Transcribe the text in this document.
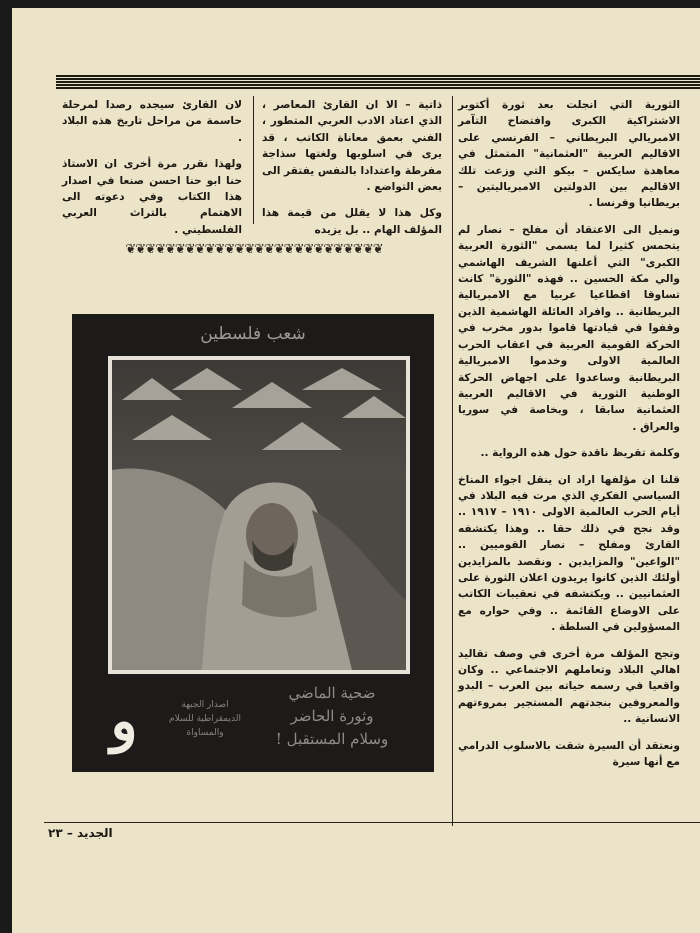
الثورية التي انجلت بعد ثورة أكتوبر الاشتراكية الكبرى وافتضاح التآمر الامبريالي البريطاني – الفرنسي على الاقاليم العربية "العثمانية" المتمثل في معاهدة سايكس – بيكو التي وزعت تلك الاقاليم بين الدولتين الامبرياليتين – بريطانيا وفرنسا .

ونميل الى الاعتقاد أن مفلح – نصار لم يتحمس كثيرا لما يسمى "الثورة العربية الكبرى" التي أعلنها الشريف الهاشمي والي مكة الحسين .. فهذه "الثورة" كانت تساوقا اقطاعيا عربيا مع الامبريالية البريطانية .. وافراد العائلة الهاشمية الذين وقفوا في قيادتها قاموا بدور مخرب في الحركة القومية العربية في اعقاب الحرب العالمية الاولى وخدموا الامبريالية البريطانية وساعدوا على اجهاض الحركة الوطنية الثورية في الاقاليم العربية العثمانية سابقا ، وبخاصة في سوريا والعراق .

وكلمة تقريظ ناقدة حول هذه الرواية ..

قلنا ان مؤلفها اراد ان ينقل اجواء المناخ السياسي الفكري الذي مرت فيه البلاد في أيام الحرب العالمية الاولى ١٩١٠ – ١٩١٧ .. وقد نجح في ذلك حقا .. وهذا يكتشفه القارئ ومفلح – نصار القوميين .. "الواعين" والمزايدين . ونقصد بالمزايدين أولئك الذين كانوا يريدون اعلان الثورة على العثمانيين .. ويكتشفه في تعقيبات الكاتب على الاوضاع القائمة .. وفي حواره مع المسؤولين في السلطة .

وتجح المؤلف مرة أخرى في وصف تقاليد اهالي البلاد وتعاملهم الاجتماعي .. وكان واقعيا في رسمه حياته بين العرب – البدو والمعروفين بنجدتهم المستجير بمروءتهم الانسانية ..

ونعتقد أن السيرة شقت بالاسلوب الدرامي مع أنها سيرة

ذاتية – الا ان القارئ المعاصر ، الذي اعتاد الادب العربي المتطور ، الفني بعمق معاناة الكاتب ، قد يرى في اسلوبها ولغتها سذاجة مفرطة واعتدادا بالنفس يفتقر الى بعض التواضع .

وكل هذا لا يقلل من قيمة هذا المؤلف الهام .. بل يزيده

لان القارئ سيجده رصدا لمرحلة حاسمة من مراحل تاريخ هذه البلاد .

ولهذا نقرر مرة أخرى ان الاستاذ حنا ابو حنا احسن صنعا في اصدار هذا الكتاب وفي دعوته الى الاهتمام بالتراث العربي الفلسطيني .

❦❦❦❦❦❦❦❦❦❦❦❦❦❦❦❦❦❦❦❦❦❦❦❦❦❦
شعب فلسطين
ضحية الماضي
وثورة الحاضر
وسلام المستقبل !
اصدار الجبهة
الديمقراطية للسلام
والمساواة
و
الجديد – ٢٣
